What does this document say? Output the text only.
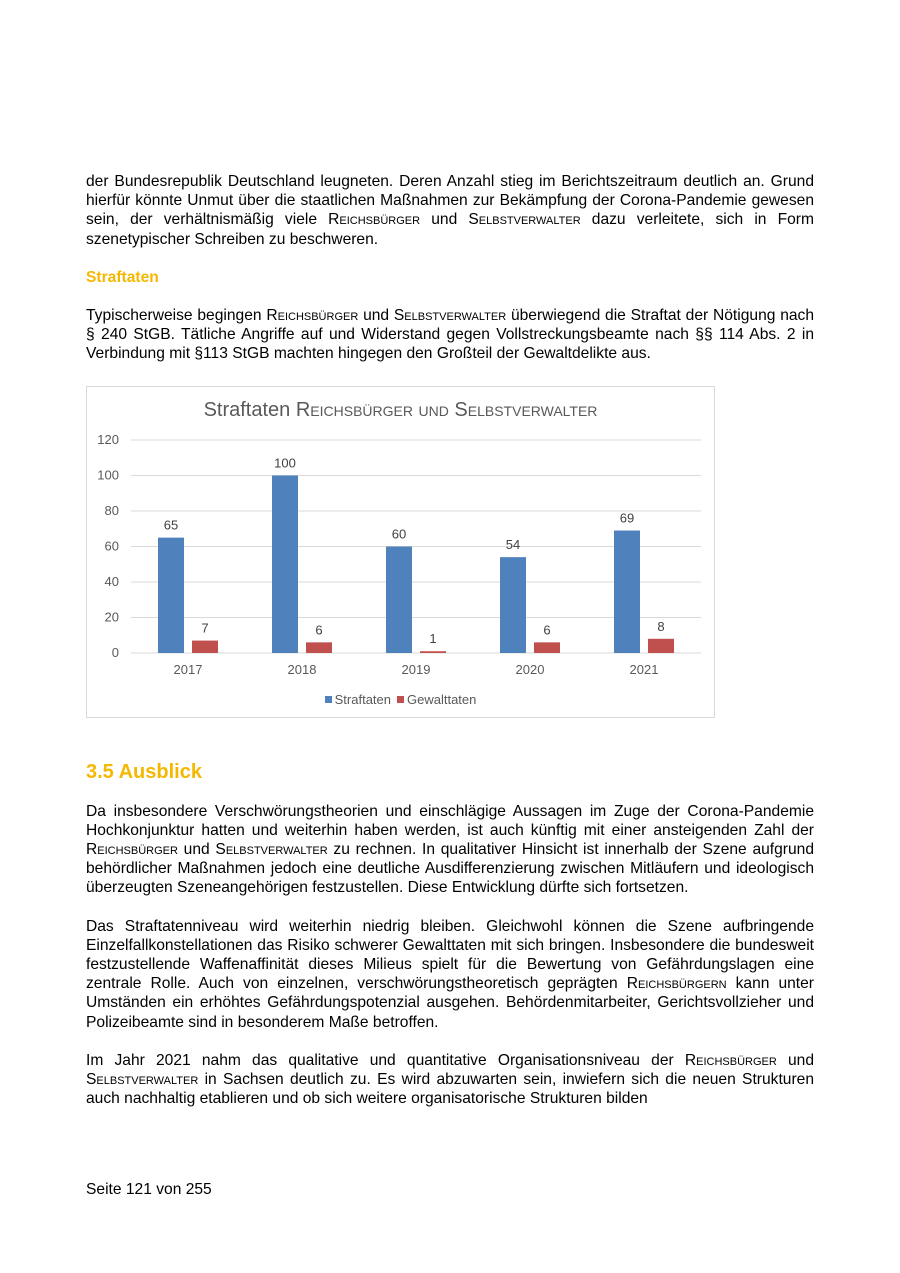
der Bundesrepublik Deutschland leugneten. Deren Anzahl stieg im Berichtszeitraum deutlich an. Grund hierfür könnte Unmut über die staatlichen Maßnahmen zur Bekämpfung der Corona-Pandemie gewesen sein, der verhältnismäßig viele Reichsbürger und Selbstverwalter dazu verleitete, sich in Form szenetypischer Schreiben zu beschweren.

Straftaten

Typischerweise begingen Reichsbürger und Selbstverwalter überwiegend die Straftat der Nötigung nach § 240 StGB. Tätliche Angriffe auf und Widerstand gegen Vollstreckungsbeamte nach §§ 114 Abs. 2 in Verbindung mit §113 StGB machten hingegen den Großteil der Gewaltdelikte aus.

Straftaten Reichsbürger und Selbstverwalter
0
20
40
60
80
100
120
65
7
2017
100
6
2018
60
1
2019
54
6
2020
69
8
2021
Straftaten Gewalttaten
3.5 Ausblick

Da insbesondere Verschwörungstheorien und einschlägige Aussagen im Zuge der Corona-Pandemie Hochkonjunktur hatten und weiterhin haben werden, ist auch künftig mit einer ansteigenden Zahl der Reichsbürger und Selbstverwalter zu rechnen. In qualitativer Hinsicht ist innerhalb der Szene aufgrund behördlicher Maßnahmen jedoch eine deutliche Ausdifferenzierung zwischen Mitläufern und ideologisch überzeugten Szeneangehörigen festzustellen. Diese Entwicklung dürfte sich fortsetzen.

Das Straftatenniveau wird weiterhin niedrig bleiben. Gleichwohl können die Szene aufbringende Einzelfallkonstellationen das Risiko schwerer Gewalttaten mit sich bringen. Insbesondere die bundesweit festzustellende Waffenaffinität dieses Milieus spielt für die Bewertung von Gefährdungslagen eine zentrale Rolle. Auch von einzelnen, verschwörungstheoretisch geprägten Reichsbürgern kann unter Umständen ein erhöhtes Gefährdungspotenzial ausgehen. Behördenmitarbeiter, Gerichtsvollzieher und Polizeibeamte sind in besonderem Maße betroffen.

Im Jahr 2021 nahm das qualitative und quantitative Organisationsniveau der Reichsbürger und Selbstverwalter in Sachsen deutlich zu. Es wird abzuwarten sein, inwiefern sich die neuen Strukturen auch nachhaltig etablieren und ob sich weitere organisatorische Strukturen bilden

Seite 121 von 255
